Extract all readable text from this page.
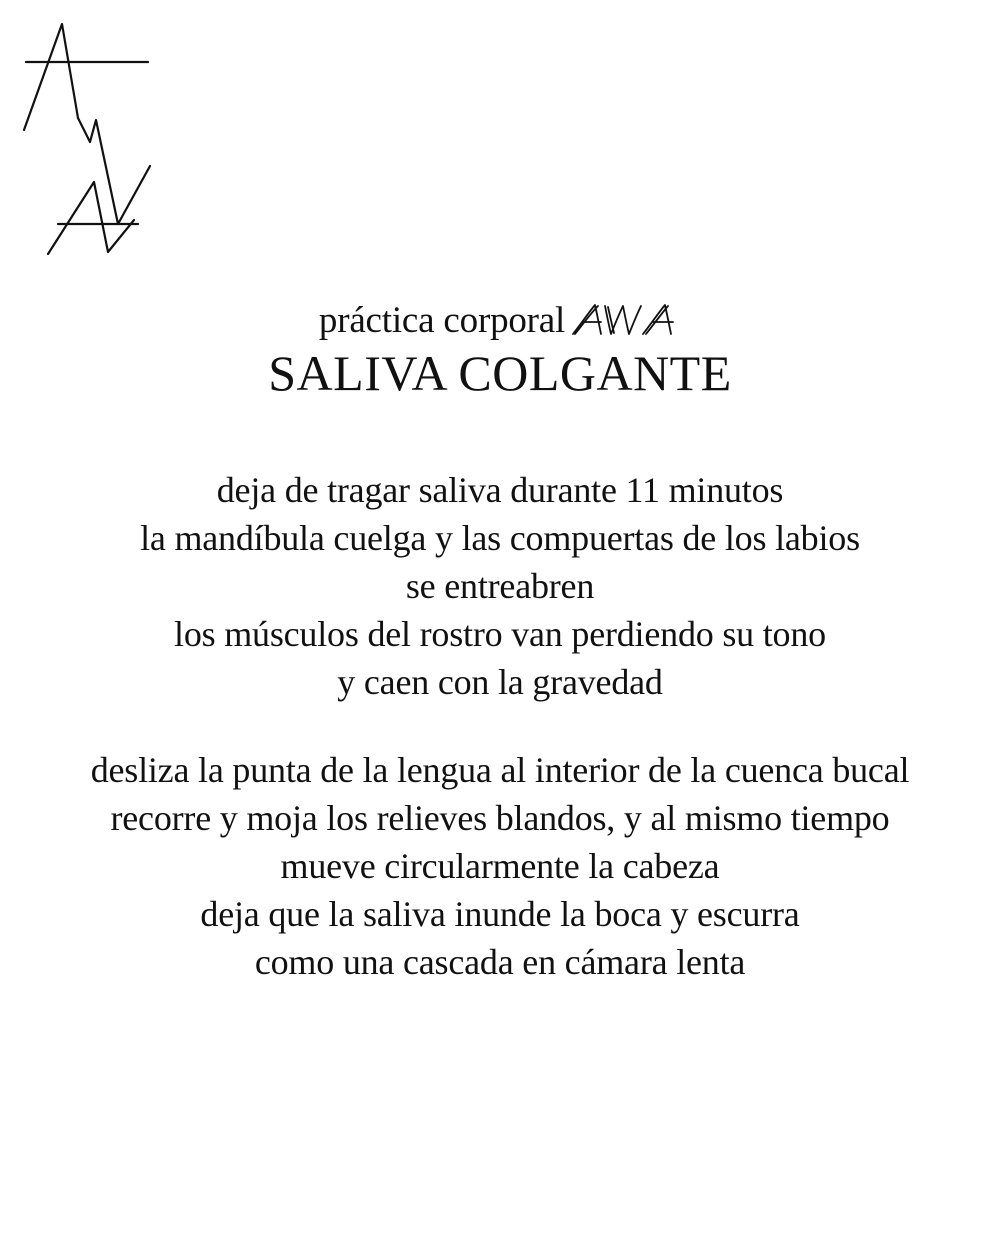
práctica corporal
SALIVA COLGANTE
deja de tragar saliva durante 11 minutos
la mandíbula cuelga y las compuertas de los labios
se entreabren
los músculos del rostro van perdiendo su tono
y caen con la gravedad
desliza la punta de la lengua al interior de la cuenca bucal
recorre y moja los relieves blandos, y al mismo tiempo
mueve circularmente la cabeza
deja que la saliva inunde la boca y escurra
como una cascada en cámara lenta
